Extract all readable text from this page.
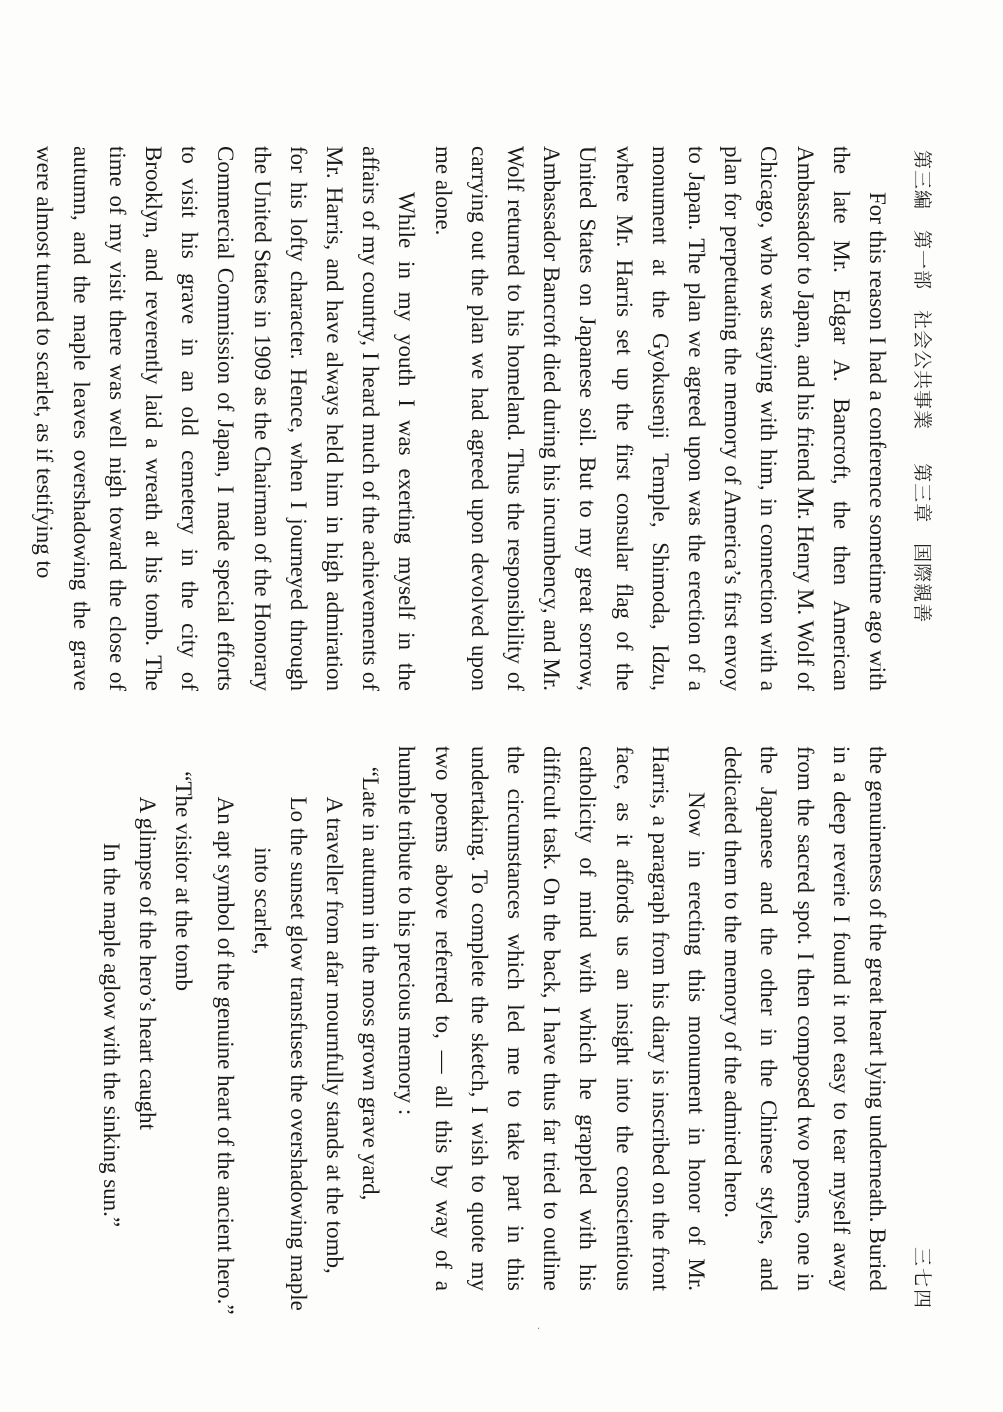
第三編　第一部　社会公共事業 第三章　国際親善
三七四

For this reason I had a conference sometime ago with the late Mr. Edgar A. Bancroft, the then American Ambassador to Japan, and his friend Mr. Henry M. Wolf of Chicago, who was staying with him, in connection with a plan for perpetuating the memory of America’s first envoy to Japan. The plan we agreed upon was the erection of a monument at the Gyokusenji Temple, Shimoda, Idzu, where Mr. Harris set up the first consular flag of the United States on Japanese soil. But to my great sorrow, Ambassador Bancroft died during his incumbency, and Mr. Wolf returned to his homeland. Thus the responsibility of carrying out the plan we had agreed upon devolved upon me alone.

While in my youth I was exerting myself in the affairs of my country, I heard much of the achievements of Mr. Harris, and have always held him in high admiration for his lofty character. Hence, when I journeyed through the United States in 1909 as the Chairman of the Honorary Commercial Commission of Japan, I made special efforts to visit his grave in an old cemetery in the city of Brooklyn, and reverently laid a wreath at his tomb. The time of my visit there was well nigh toward the close of autumn, and the maple leaves overshadowing the grave were almost turned to scarlet, as if testifying to

the genuineness of the great heart lying underneath. Buried in a deep reverie I found it not easy to tear myself away from the sacred spot. I then composed two poems, one in the Japanese and the other in the Chinese styles, and dedicated them to the memory of the admired hero.

Now in erecting this monument in honor of Mr. Harris, a paragraph from his diary is inscribed on the front face, as it affords us an insight into the conscientious catholicity of mind with which he grappled with his difficult task. On the back, I have thus far tried to outline the circumstances which led me to take part in this undertaking. To complete the sketch, I wish to quote my two poems above referred to, — all this by way of a humble tribute to his precious memory :

“Late in autumn in the moss grown grave yard,
A traveller from afar mournfully stands at the tomb,
Lo the sunset glow transfuses the overshadowing maple
into scarlet,
An apt symbol of the genuine heart of the ancient hero.”
“The visitor at the tomb
A glimpse of the hero’s heart caught
In the maple aglow with the sinking sun.”
·
